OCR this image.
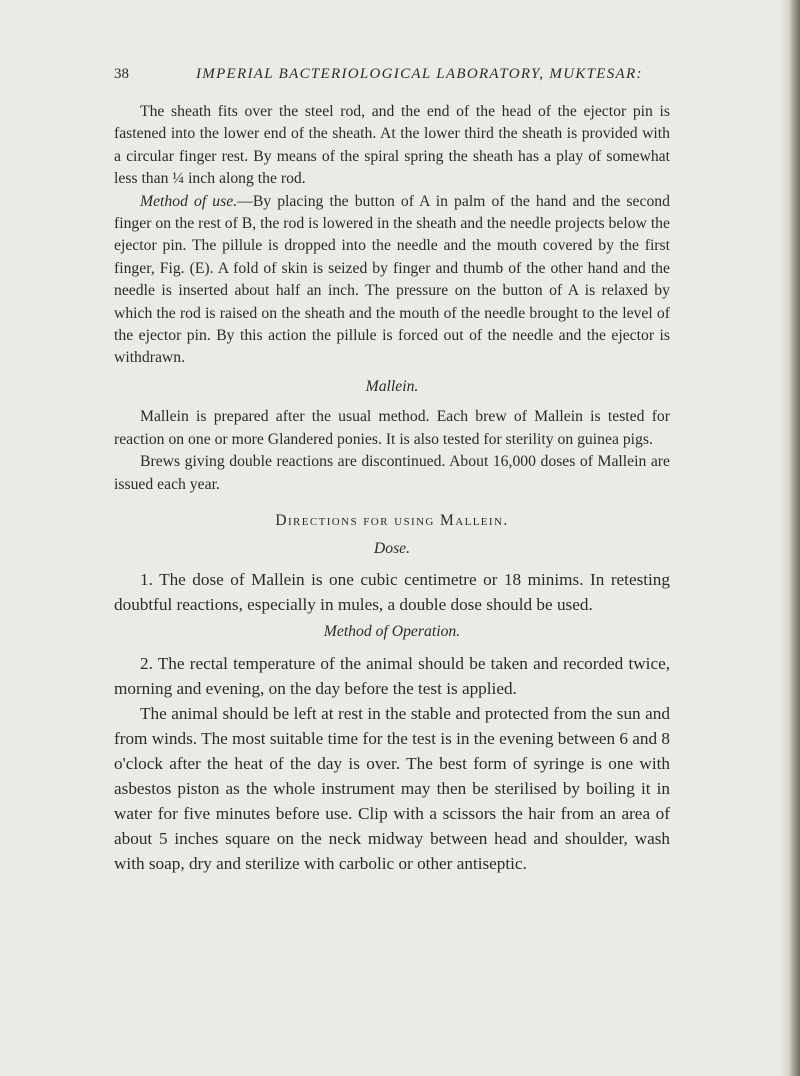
38	IMPERIAL BACTERIOLOGICAL LABORATORY, MUKTESAR:

The sheath fits over the steel rod, and the end of the head of the ejector pin is fastened into the lower end of the sheath. At the lower third the sheath is provided with a circular finger rest. By means of the spiral spring the sheath has a play of somewhat less than ¼ inch along the rod.

Method of use.—By placing the button of A in palm of the hand and the second finger on the rest of B, the rod is lowered in the sheath and the needle projects below the ejector pin. The pillule is dropped into the needle and the mouth covered by the first finger, Fig. (E). A fold of skin is seized by finger and thumb of the other hand and the needle is inserted about half an inch. The pressure on the button of A is relaxed by which the rod is raised on the sheath and the mouth of the needle brought to the level of the ejector pin. By this action the pillule is forced out of the needle and the ejector is withdrawn.

Mallein.

Mallein is prepared after the usual method. Each brew of Mallein is tested for reaction on one or more Glandered ponies. It is also tested for sterility on guinea pigs.

Brews giving double reactions are discontinued. About 16,000 doses of Mallein are issued each year.

Directions for using Mallein.
Dose.

1. The dose of Mallein is one cubic centimetre or 18 minims. In retesting doubtful reactions, especially in mules, a double dose should be used.

Method of Operation.

2. The rectal temperature of the animal should be taken and recorded twice, morning and evening, on the day before the test is applied.

The animal should be left at rest in the stable and protected from the sun and from winds. The most suitable time for the test is in the evening between 6 and 8 o'clock after the heat of the day is over. The best form of syringe is one with asbestos piston as the whole instrument may then be sterilised by boiling it in water for five minutes before use. Clip with a scissors the hair from an area of about 5 inches square on the neck midway between head and shoulder, wash with soap, dry and sterilize with carbolic or other antiseptic.
